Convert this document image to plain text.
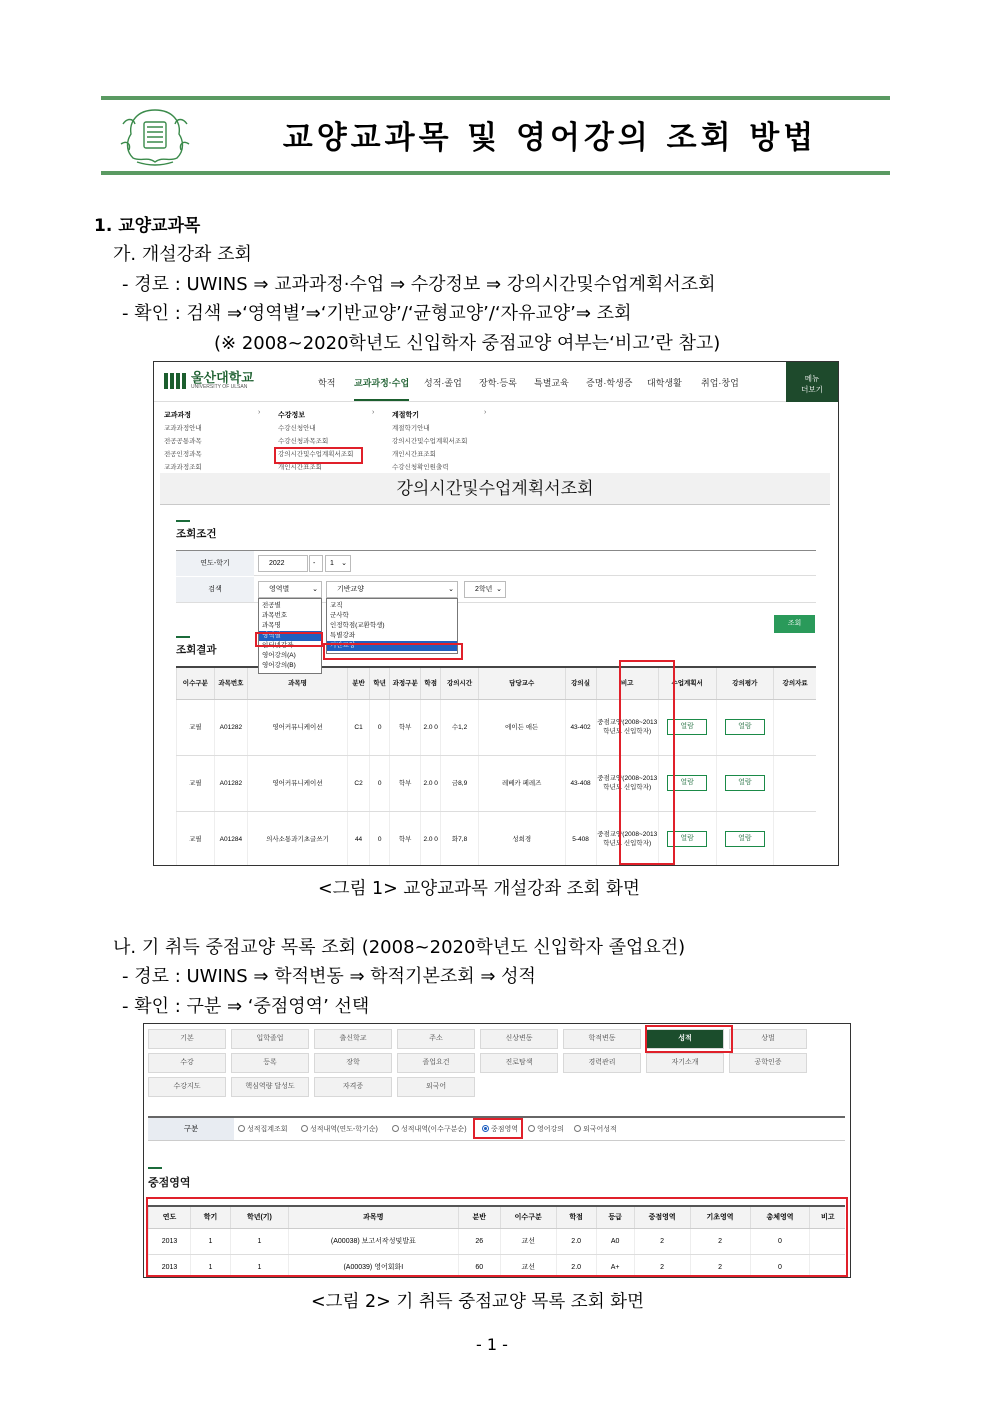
교양교과목 및 영어강의 조회 방법
1. 교양교과목
가. 개설강좌 조회
- 경로 : UWINS ⇒ 교과과정·수업 ⇒ 수강정보 ⇒ 강의시간및수업계획서조회
- 확인 : 검색 ⇒‘영역별’⇒‘기반교양’/‘균형교양’/‘자유교양’⇒ 조회
(※ 2008~2020학년도 신입학자 중점교양 여부는‘비고’란 참고)
울산대학교
UNIVERSITY OF ULSAN	학적 교과과정·수업 성적·졸업 장학·등록 특별교육 증명·학생증 대학생활 취업·창업	메뉴
더보기
교과과정
교과과정안내
전공공통과목
전공인정과목
교과과정조회
›	수강정보
수강신청안내
수강신청과목조회
강의시간및수업계획서조회
개인시간표조회
›	계절학기
계절학기안내
강의시간및수업계획서조회
개인시간표조회
수강신청확인원출력
›
강의시간및수업계획서조회
조회조건
연도-학기	2022	-	1 ⌄
검색	영역별	⌄	기반교양	⌄	2학년 ⌄
조회
조회결과
이수구분	과목번호	과목명	분반	학년	과정구분	학점	강의시간	담당교수	강의실	비고	수업계획서	강의평가	강의자료
교필	A01282	영어커뮤니케이션	C1	0	학부	2.0 0	수1,2	에이든 애든	43-402	중점교양(2008~2013학년도 신입학자)	열람	열람	
교필	A01282	영어커뮤니케이션	C2	0	학부	2.0 0	금8,9	레베카 페레즈	43-408	중점교양(2008~2013학년도 신입학자)	열람	열람	
교필	A01284	의사소통과기초글쓰기	44	0	학부	2.0 0	화7,8	성희경	5-408	중점교양(2008~2013학년도 신입학자)	열람	열람	
전공별
과목번호
과목명
영역별
인터넷강좌
영어강의(A)
영어강의(B)
교직
군사학
인정학점(교환학생)
특별강좌
기반교양
<그림 1> 교양교과목 개설강좌 조회 화면
나. 기 취득 중점교양 목록 조회 (2008~2020학년도 신입학자 졸업요건)
- 경로 : UWINS ⇒ 학적변동 ⇒ 학적기본조회 ⇒ 성적
- 확인 : 구분 ⇒ ‘중점영역’ 선택
기본	입학졸업	출신학교	주소	신상변동	학적변동	성적	상벌
수강	등록	장학	졸업요건	진로탐색	경력관리	자기소개	공학인증
수강지도	핵심역량 달성도	자격증	외국어
구분	성적집계조회	성적내역(연도-학기순)	성적내역(이수구분순)	중점영역	영어강의	외국어성적
중점영역
연도	학기	학년(기)	과목명	분반	이수구분	학점	등급	중점영역	기초영역	총체영역	비고
2013	1	1	(A00038) 보고서작성및발표	26	교선	2.0	A0	2	2	0	
2013	1	1	(A00039) 영어회화I	60	교선	2.0	A+	2	2	0	
<그림 2> 기 취득 중점교양 목록 조회 화면
- 1 -
